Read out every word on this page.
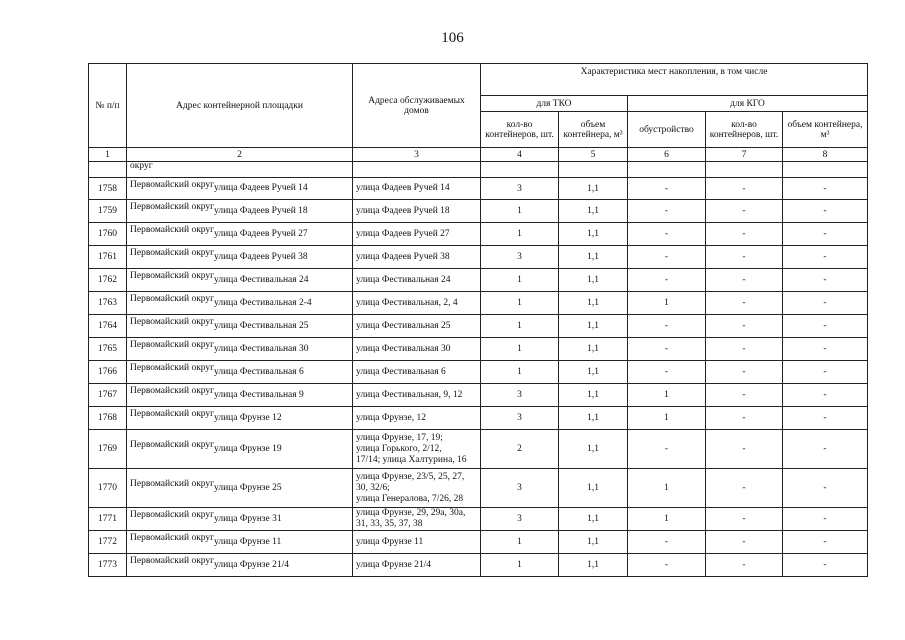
106
№ п/п	Адрес контейнерной площадки	Адреса обслуживаемых домов	Характеристика мест накопления, в том числе				
			для ТКО		для КГО		
			кол-во контейнеров, шт.	объем контейнера, м³	обустройство	кол-во контейнеров, шт.	объем контейнера, м³
1	2	3	4	5	6	7	8
	округ						
1758	Первомайский округулица Фадеев Ручей 14	улица Фадеев Ручей 14	3	1,1	-	-	-
1759	Первомайский округулица Фадеев Ручей 18	улица Фадеев Ручей 18	1	1,1	-	-	-
1760	Первомайский округулица Фадеев Ручей 27	улица Фадеев Ручей 27	1	1,1	-	-	-
1761	Первомайский округулица Фадеев Ручей 38	улица Фадеев Ручей 38	3	1,1	-	-	-
1762	Первомайский округулица Фестивальная 24	улица Фестивальная 24	1	1,1	-	-	-
1763	Первомайский округулица Фестивальная 2-4	улица Фестивальная, 2, 4	1	1,1	1	-	-
1764	Первомайский округулица Фестивальная 25	улица Фестивальная 25	1	1,1	-	-	-
1765	Первомайский округулица Фестивальная 30	улица Фестивальная 30	1	1,1	-	-	-
1766	Первомайский округулица Фестивальная 6	улица Фестивальная 6	1	1,1	-	-	-
1767	Первомайский округулица Фестивальная 9	улица Фестивальная, 9, 12	3	1,1	1	-	-
1768	Первомайский округулица Фрунзе 12	улица Фрунзе, 12	3	1,1	1	-	-
1769	Первомайский округулица Фрунзе 19	улица Фрунзе, 17, 19;
улица Горького, 2/12,
17/14; улица Халтурина, 16	2	1,1	-	-	-
1770	Первомайский округулица Фрунзе 25	улица Фрунзе, 23/5, 25, 27,
30, 32/6;
улица Генералова, 7/26, 28	3	1,1	1	-	-
1771	Первомайский округулица Фрунзе 31	улица Фрунзе, 29, 29а, 30а,
31, 33, 35, 37, 38	3	1,1	1	-	-
1772	Первомайский округулица Фрунзе 11	улица Фрунзе 11	1	1,1	-	-	-
1773	Первомайский округулица Фрунзе 21/4	улица Фрунзе 21/4	1	1,1	-	-	-
